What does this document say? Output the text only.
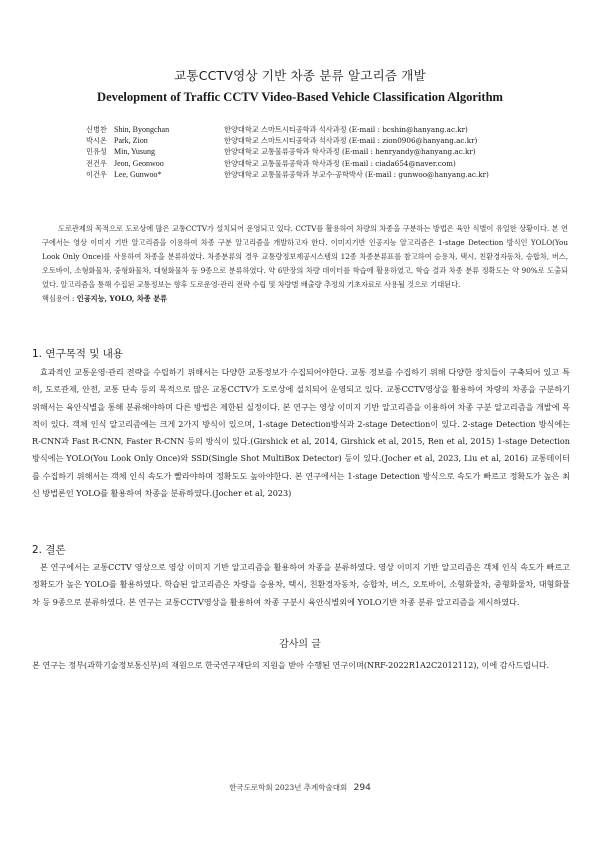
교통CCTV영상 기반 차종 분류 알고리즘 개발
Development of Traffic CCTV Video-Based Vehicle Classification Algorithm
신병찬 Shin, Byongchan	한양대학교 스마트시티공학과 석사과정 (E-mail : bcshin@hanyang.ac.kr)
박시온 Park, Zion	한양대학교 스마트시티공학과 석사과정 (E-mail : zion0906@hanyang.ac.kr)
민유성 Min, Yusung	한양대학교 교통물류공학과 학사과정 (E-mail : henryandy@hanyang.ac.kr)
전건우 Jeon, Geonwoo	한양대학교 교통물류공학과 학사과정 (E-mail : ciada654@naver.com)
이건우 Lee, Gunwoo*	한양대학교 교통물류공학과 부교수·공학박사 (E-mail : gunwoo@hanyang.ac.kr)

도로관제의 목적으로 도로상에 많은 교통CCTV가 설치되어 운영되고 있다. CCTV를 활용하여 차량의 차종을 구분하는 방법은 육안 식별이 유일한 상황이다. 본 연구에서는 영상 이미지 기반 알고리즘을 이용하여 차종 구분 알고리즘을 개발하고자 한다. 이미지기반 인공지능 알고리즘은 1-stage Detection 방식인 YOLO(You Look Only Once)를 사용하여 차종을 분류하였다. 차종분류의 경우 교통량정보제공시스템의 12종 차종분류표를 참고하여 승용차, 택시, 친환경자동차, 승합차, 버스, 오토바이, 소형화물차, 중형화물차, 대형화물차 등 9종으로 분류하였다. 약 6만장의 차량 데이터를 학습에 활용하였고, 학습 결과 차종 분류 정확도는 약 90%로 도출되었다. 알고리즘을 통해 수집된 교통정보는 향후 도로운영·관리 전략 수립 및 차량별 배출량 추정의 기초자료로 사용될 것으로 기대된다.

핵심용어 : 인공지능, YOLO, 차종 분류
1. 연구목적 및 내용

효과적인 교통운영·관리 전략을 수립하기 위해서는 다양한 교통정보가 수집되어야한다. 교통 정보를 수집하기 위해 다양한 장치들이 구축되어 있고 특히, 도로관제, 안전, 교통 단속 등의 목적으로 많은 교통CCTV가 도로상에 설치되어 운영되고 있다. 교통CCTV영상을 활용하여 차량의 차종을 구분하기 위해서는 육안식별을 통해 분류해야하며 다른 방법은 제한된 실정이다. 본 연구는 영상 이미지 기반 알고리즘을 이용하여 차종 구분 알고리즘을 개발에 목적이 있다. 객체 인식 알고리즘에는 크게 2가지 방식이 있으며, 1-stage Detection방식과 2-stage Detection이 있다. 2-stage Detection 방식에는 R-CNN과 Fast R-CNN, Faster R-CNN 등의 방식이 있다.(Girshick et al, 2014, Girshick et al, 2015, Ren et al, 2015) 1-stage Detection 방식에는 YOLO(You Look Only Once)와 SSD(Single Shot MultiBox Detector) 등이 있다.(Jocher et al, 2023, Liu et al, 2016) 교통데이터를 수집하기 위해서는 객체 인식 속도가 빨라야하며 정확도도 높아야한다. 본 연구에서는 1-stage Detection 방식으로 속도가 빠르고 정확도가 높은 최신 방법론인 YOLO를 활용하여 차종을 분류하였다.(Jocher et al, 2023)

2. 결론

본 연구에서는 교통CCTV 영상으로 영상 이미지 기반 알고리즘을 활용하여 차종을 분류하였다. 영상 이미지 기반 알고리즘은 객체 인식 속도가 빠르고 정확도가 높은 YOLO를 활용하였다. 학습된 알고리즘은 차량을 승용차, 택시, 친환경자동차, 승합차, 버스, 오토바이, 소형화물차, 중형화물차, 대형화물차 등 9종으로 분류하였다. 본 연구는 교통CCTV영상을 활용하여 차종 구분시 육안식별외에 YOLO기반 차종 분류 알고리즘을 제시하였다.

감사의 글

본 연구는 정부(과학기술정보통신부)의 재원으로 한국연구재단의 지원을 받아 수행된 연구이며(NRF-2022R1A2C2012112), 이에 감사드립니다.

한국도로학회 2023년 추계학술대회 294
